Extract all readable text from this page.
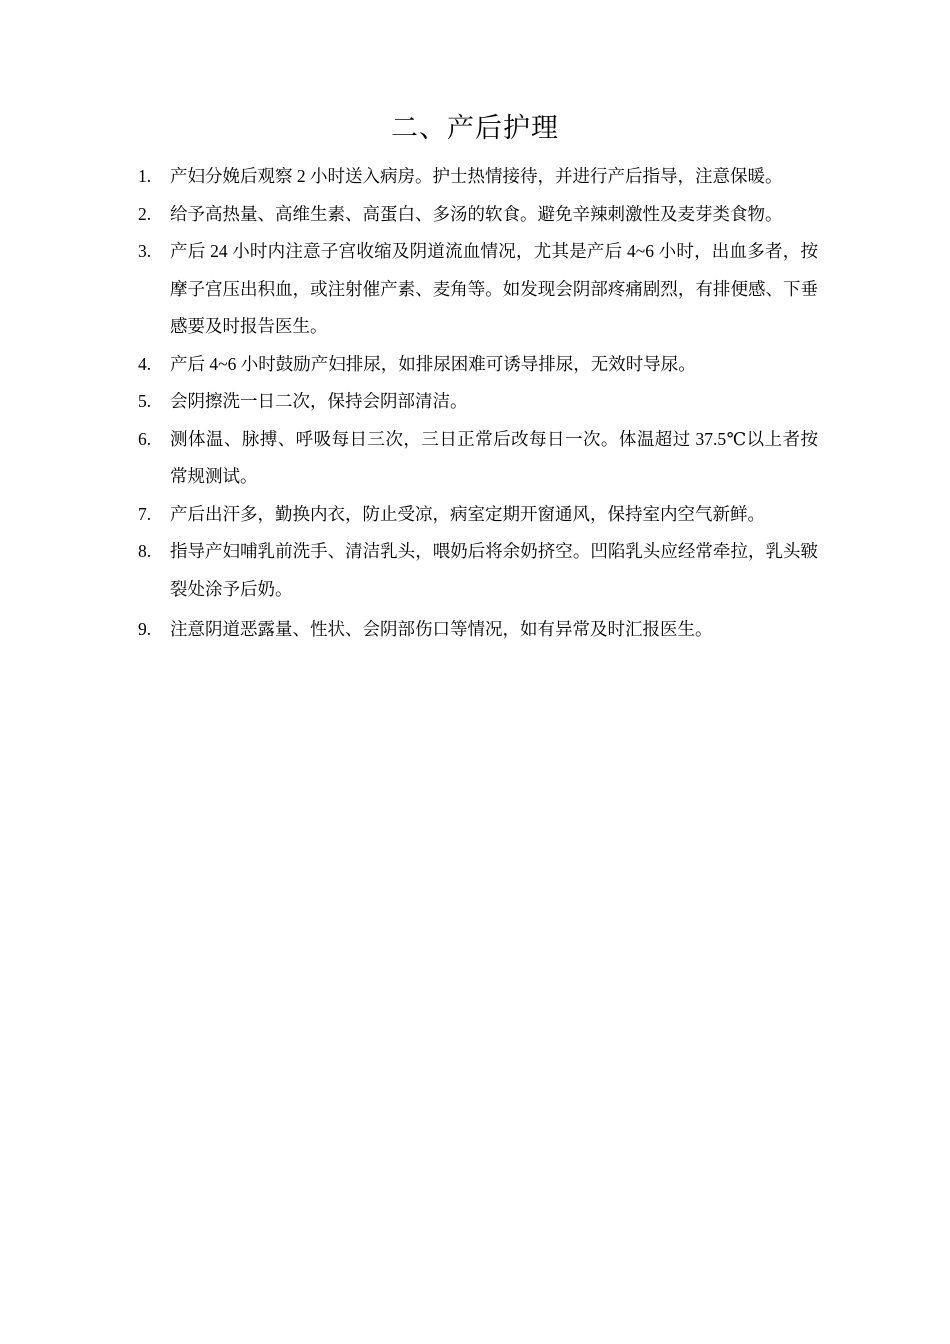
二、产后护理
1.	产妇分娩后观察 2 小时送入病房。护士热情接待，并进行产后指导，注意保暖。
2.	给予高热量、高维生素、高蛋白、多汤的软食。避免辛辣刺激性及麦芽类食物。
3.	产后 24 小时内注意子宫收缩及阴道流血情况，尤其是产后 4~6 小时，出血多者，按摩子宫压出积血，或注射催产素、麦角等。如发现会阴部疼痛剧烈，有排便感、下垂感要及时报告医生。
4.	产后 4~6 小时鼓励产妇排尿，如排尿困难可诱导排尿，无效时导尿。
5.	会阴擦洗一日二次，保持会阴部清洁。
6.	测体温、脉搏、呼吸每日三次，三日正常后改每日一次。体温超过 37.5℃以上者按常规测试。
7.	产后出汗多，勤换内衣，防止受凉，病室定期开窗通风，保持室内空气新鲜。
8.	指导产妇哺乳前洗手、清洁乳头，喂奶后将余奶挤空。凹陷乳头应经常牵拉，乳头皲裂处涂予后奶。
9.	注意阴道恶露量、性状、会阴部伤口等情况，如有异常及时汇报医生。
